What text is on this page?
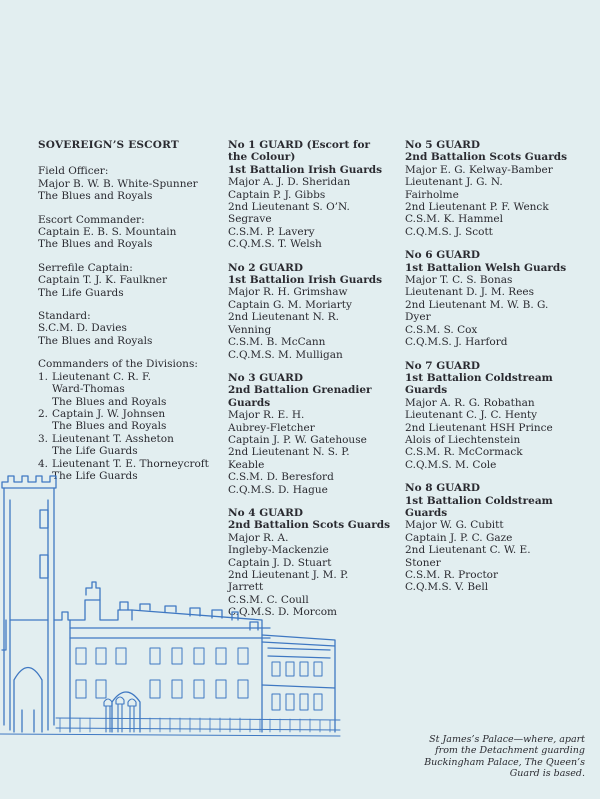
SOVEREIGN’S ESCORT
Field Officer:
Major B. W. B. White-Spunner
The Blues and Royals
Escort Commander:
Captain E. B. S. Mountain
The Blues and Royals
Serrefile Captain:
Captain T. J. K. Faulkner
The Life Guards
Standard:
S.C.M. D. Davies
The Blues and Royals
Commanders of the Divisions:
1. Lieutenant C. R. F.
Ward-Thomas
The Blues and Royals
2. Captain J. W. Johnsen
The Blues and Royals
3. Lieutenant T. Assheton
The Life Guards
4. Lieutenant T. E. Thorneycroft
The Life Guards
No 1 GUARD (Escort for
the Colour)
1st Battalion Irish Guards
Major A. J. D. Sheridan
Captain P. J. Gibbs
2nd Lieutenant S. O’N.
Segrave
C.S.M. P. Lavery
C.Q.M.S. T. Welsh
No 2 GUARD
1st Battalion Irish Guards
Major R. H. Grimshaw
Captain G. M. Moriarty
2nd Lieutenant N. R.
Venning
C.S.M. B. McCann
C.Q.M.S. M. Mulligan
No 3 GUARD
2nd Battalion Grenadier
Guards
Major R. E. H.
Aubrey-Fletcher
Captain J. P. W. Gatehouse
2nd Lieutenant N. S. P.
Keable
C.S.M. D. Beresford
C.Q.M.S. D. Hague
No 4 GUARD
2nd Battalion Scots Guards
Major R. A.
Ingleby-Mackenzie
Captain J. D. Stuart
2nd Lieutenant J. M. P.
Jarrett
C.S.M. C. Coull
C.Q.M.S. D. Morcom
No 5 GUARD
2nd Battalion Scots Guards
Major E. G. Kelway-Bamber
Lieutenant J. G. N.
Fairholme
2nd Lieutenant P. F. Wenck
C.S.M. K. Hammel
C.Q.M.S. J. Scott
No 6 GUARD
1st Battalion Welsh Guards
Major T. C. S. Bonas
Lieutenant D. J. M. Rees
2nd Lieutenant M. W. B. G.
Dyer
C.S.M. S. Cox
C.Q.M.S. J. Harford
No 7 GUARD
1st Battalion Coldstream
Guards
Major A. R. G. Robathan
Lieutenant C. J. C. Henty
2nd Lieutenant HSH Prince
Alois of Liechtenstein
C.S.M. R. McCormack
C.Q.M.S. M. Cole
No 8 GUARD
1st Battalion Coldstream
Guards
Major W. G. Cubitt
Captain J. P. C. Gaze
2nd Lieutenant C. W. E.
Stoner
C.S.M. R. Proctor
C.Q.M.S. V. Bell
St James’s Palace—where, apart
from the Detachment guarding
Buckingham Palace, The Queen’s
Guard is based.
